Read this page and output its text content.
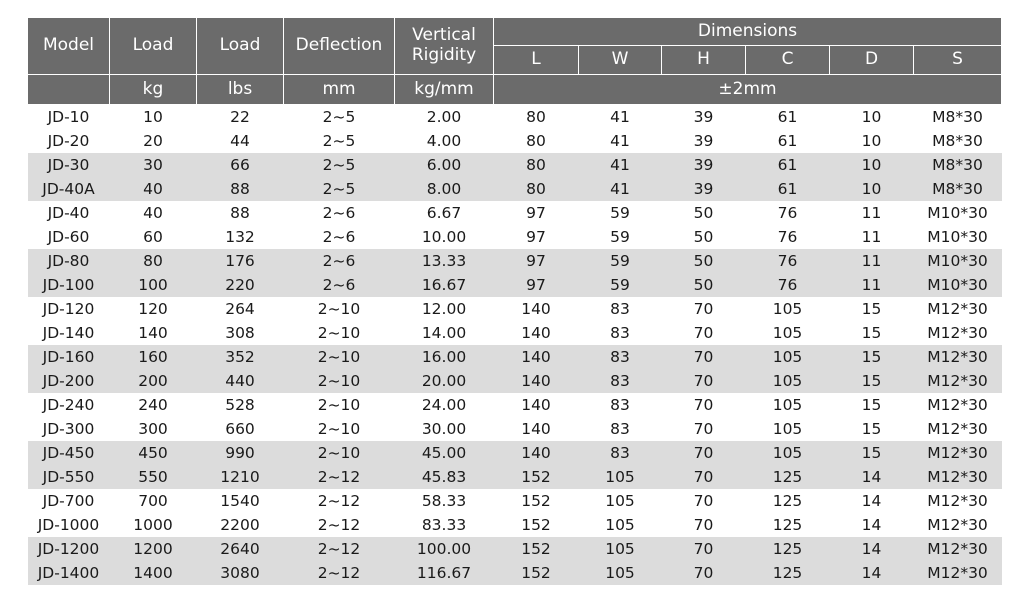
Model	Load	Load	Deflection	Vertical Rigidity	Dimensions					
					L	W	H	C	D	S
	kg	lbs	mm	kg/mm	±2mm					
JD-10	10	22	2~5	2.00	80	41	39	61	10	M8*30
JD-20	20	44	2~5	4.00	80	41	39	61	10	M8*30
JD-30	30	66	2~5	6.00	80	41	39	61	10	M8*30
JD-40A	40	88	2~5	8.00	80	41	39	61	10	M8*30
JD-40	40	88	2~6	6.67	97	59	50	76	11	M10*30
JD-60	60	132	2~6	10.00	97	59	50	76	11	M10*30
JD-80	80	176	2~6	13.33	97	59	50	76	11	M10*30
JD-100	100	220	2~6	16.67	97	59	50	76	11	M10*30
JD-120	120	264	2~10	12.00	140	83	70	105	15	M12*30
JD-140	140	308	2~10	14.00	140	83	70	105	15	M12*30
JD-160	160	352	2~10	16.00	140	83	70	105	15	M12*30
JD-200	200	440	2~10	20.00	140	83	70	105	15	M12*30
JD-240	240	528	2~10	24.00	140	83	70	105	15	M12*30
JD-300	300	660	2~10	30.00	140	83	70	105	15	M12*30
JD-450	450	990	2~10	45.00	140	83	70	105	15	M12*30
JD-550	550	1210	2~12	45.83	152	105	70	125	14	M12*30
JD-700	700	1540	2~12	58.33	152	105	70	125	14	M12*30
JD-1000	1000	2200	2~12	83.33	152	105	70	125	14	M12*30
JD-1200	1200	2640	2~12	100.00	152	105	70	125	14	M12*30
JD-1400	1400	3080	2~12	116.67	152	105	70	125	14	M12*30
